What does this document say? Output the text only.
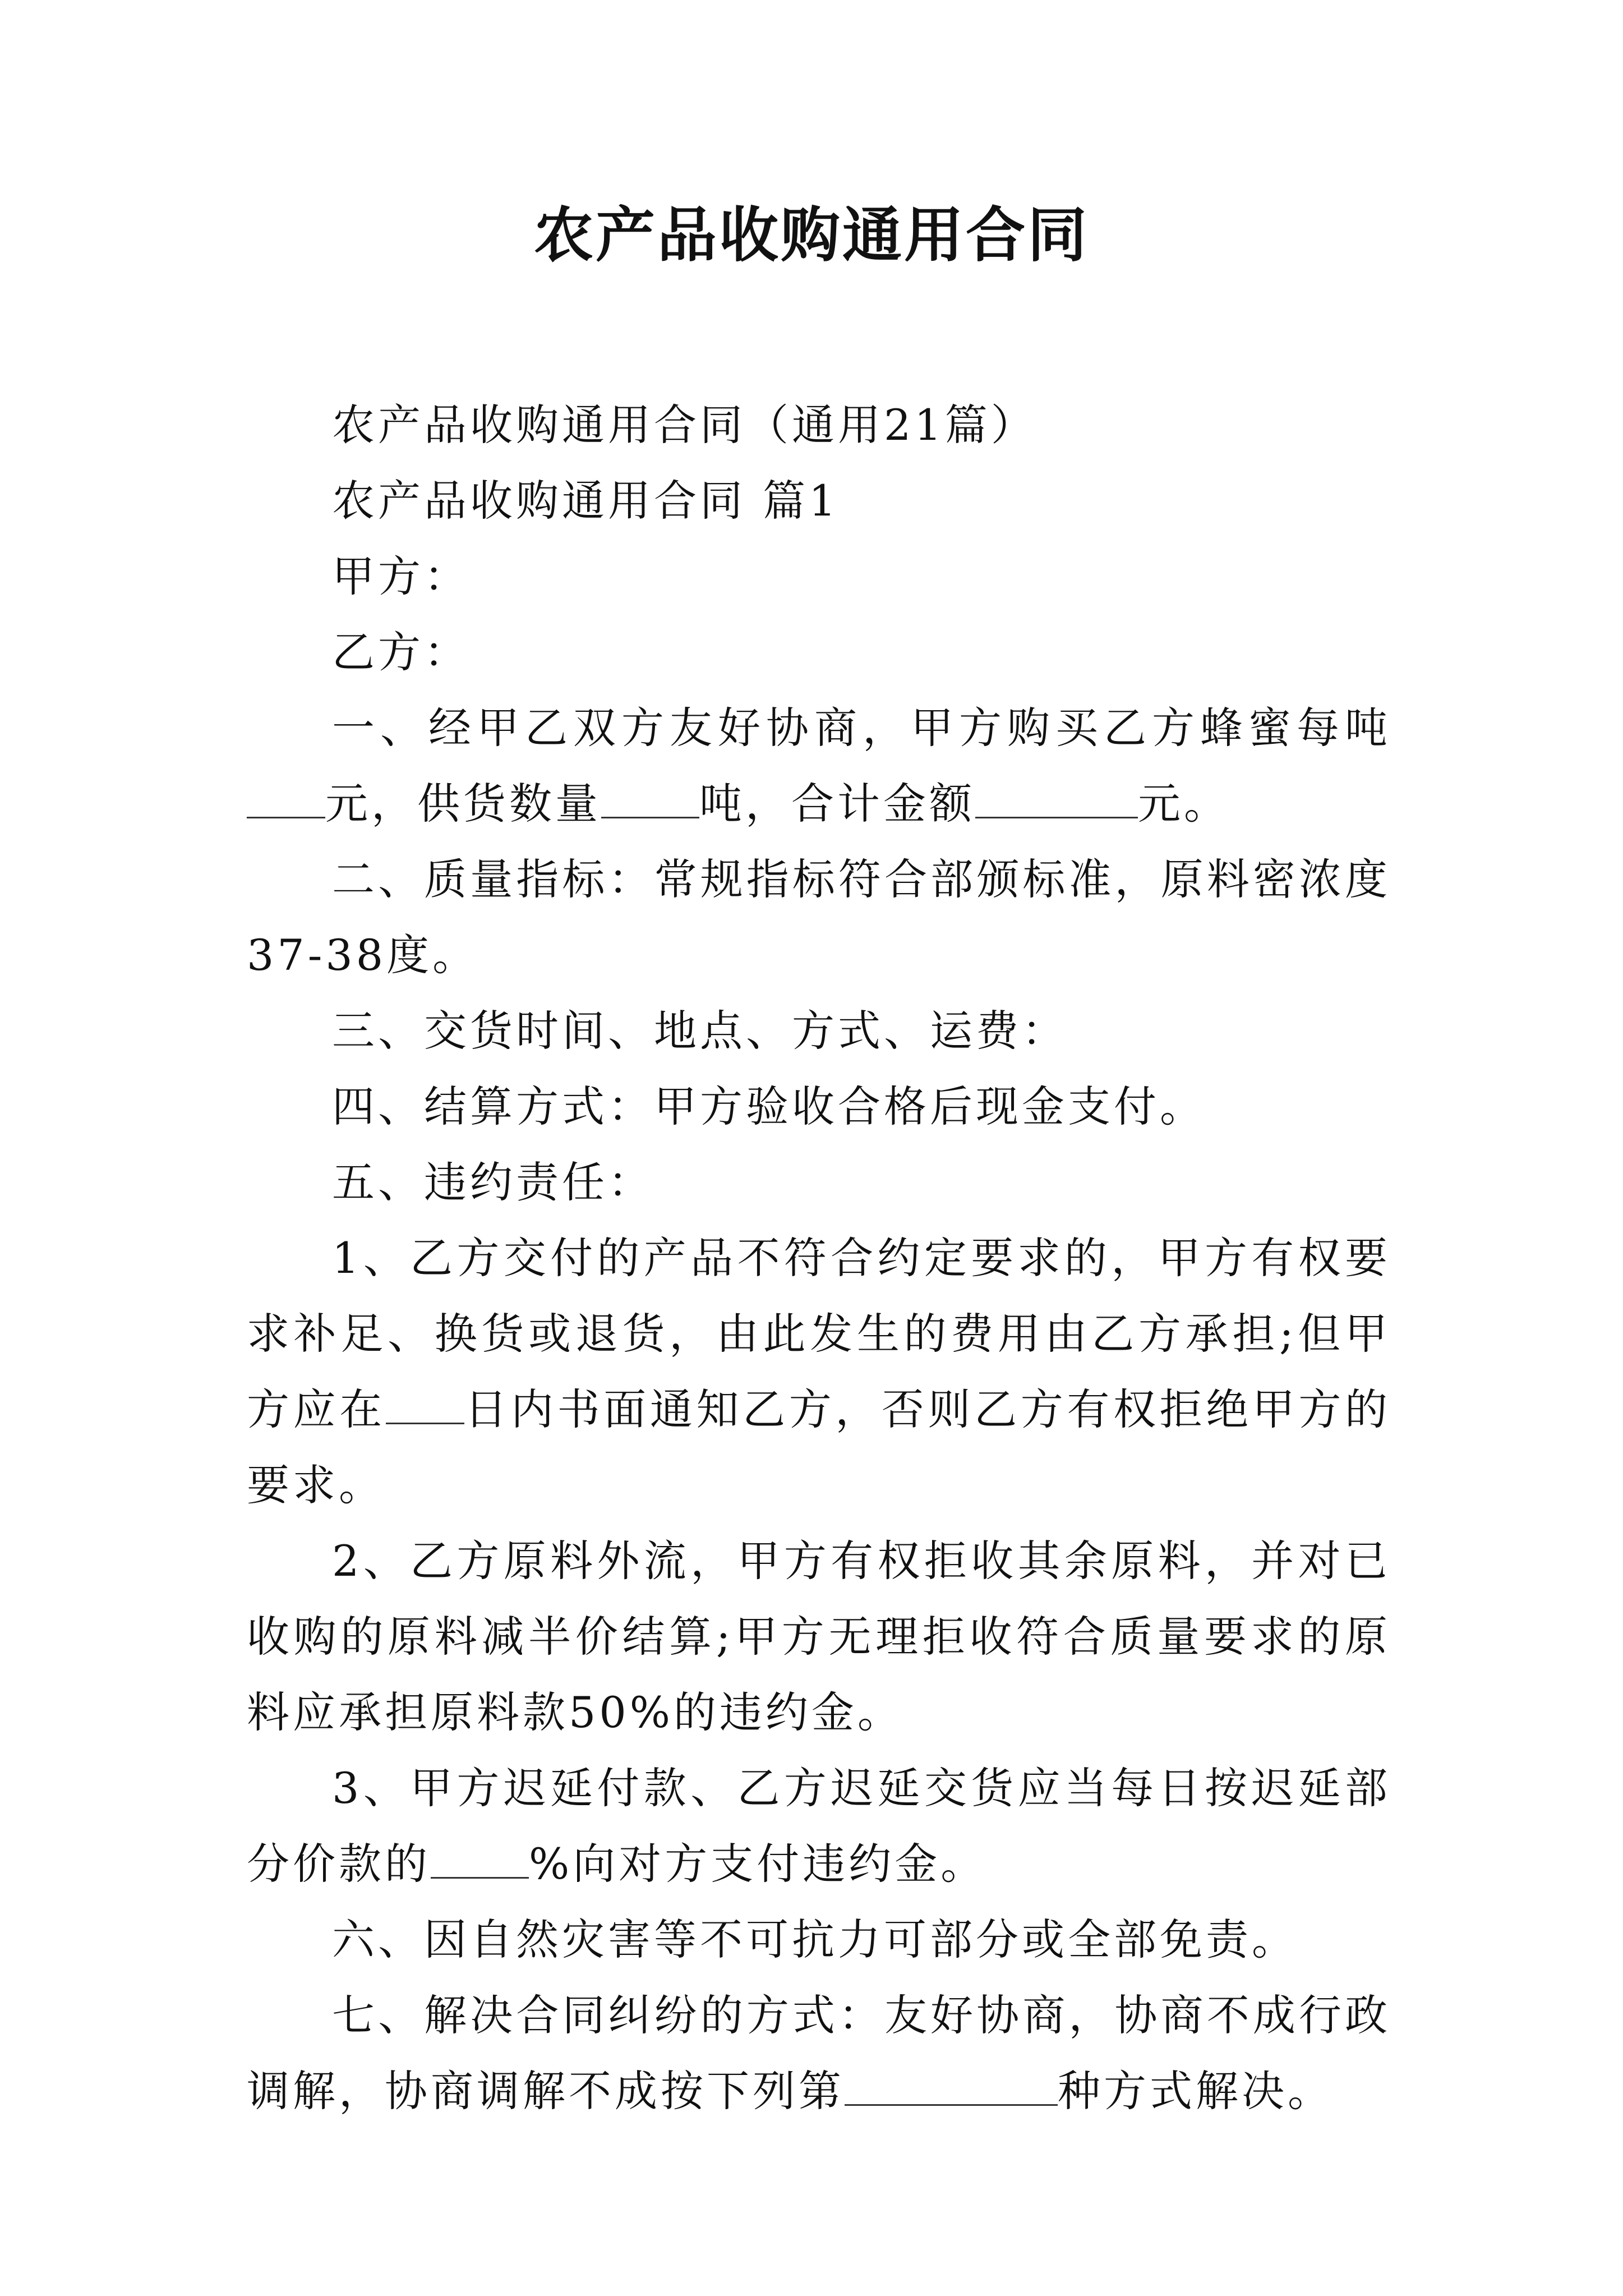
农产品收购通用合同

农产品收购通用合同（通用21篇）

农产品收购通用合同 篇1

甲方：

乙方：

一、经甲乙双方友好协商，甲方购买乙方蜂蜜每吨元，供货数量 吨，合计金额	元。

二、质量指标：常规指标符合部颁标准，原料密浓度37-38度。

三、交货时间、地点、方式、运费：

四、结算方式：甲方验收合格后现金支付。

五、违约责任：

1、乙方交付的产品不符合约定要求的，甲方有权要求补足、换货或退货，由此发生的费用由乙方承担;但甲方应在 日内书面通知乙方，否则乙方有权拒绝甲方的要求。

2、乙方原料外流，甲方有权拒收其余原料，并对已收购的原料减半价结算;甲方无理拒收符合质量要求的原料应承担原料款50%的违约金。

3、甲方迟延付款、乙方迟延交货应当每日按迟延部分价款的 %向对方支付违约金。

六、因自然灾害等不可抗力可部分或全部免责。

七、解决合同纠纷的方式：友好协商，协商不成行政调解，协商调解不成按下列第	种方式解决。
